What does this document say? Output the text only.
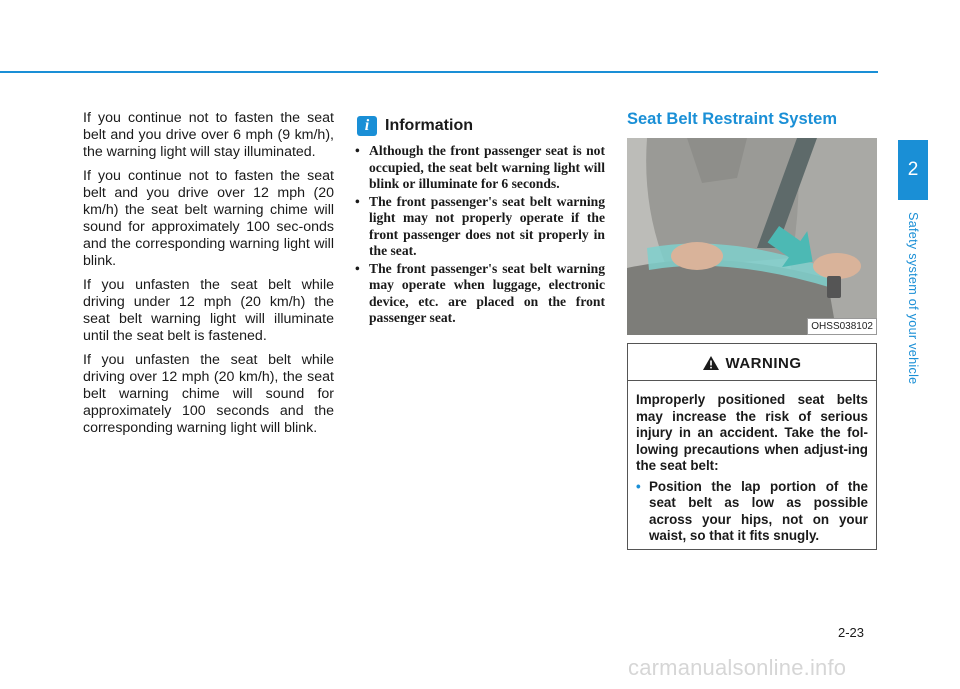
If you continue not to fasten the seat belt and you drive over 6 mph (9 km/h), the warning light will stay illuminated.

If you continue not to fasten the seat belt and you drive over 12 mph (20 km/h) the seat belt warning chime will sound for approximately 100 sec-onds and the corresponding warning light will blink.

If you unfasten the seat belt while driving under 12 mph (20 km/h) the seat belt warning light will illuminate until the seat belt is fastened.

If you unfasten the seat belt while driving over 12 mph (20 km/h), the seat belt warning chime will sound for approximately 100 seconds and the corresponding warning light will blink.

i Information
• Although the front passenger seat is not occupied, the seat belt warning light will blink or illuminate for 6 seconds.
• The front passenger's seat belt warning light may not properly operate if the front passenger does not sit properly in the seat.
• The front passenger's seat belt warning may operate when luggage, electronic device, etc. are placed on the front passenger seat.
Seat Belt Restraint System
OHSS038102
WARNING

Improperly positioned seat belts may increase the risk of serious injury in an accident. Take the fol-lowing precautions when adjust-ing the seat belt:

• Position the lap portion of the seat belt as low as possible across your hips, not on your waist, so that it fits snugly.
2
Safety system of your vehicle
2-23
carmanualsonline.info
